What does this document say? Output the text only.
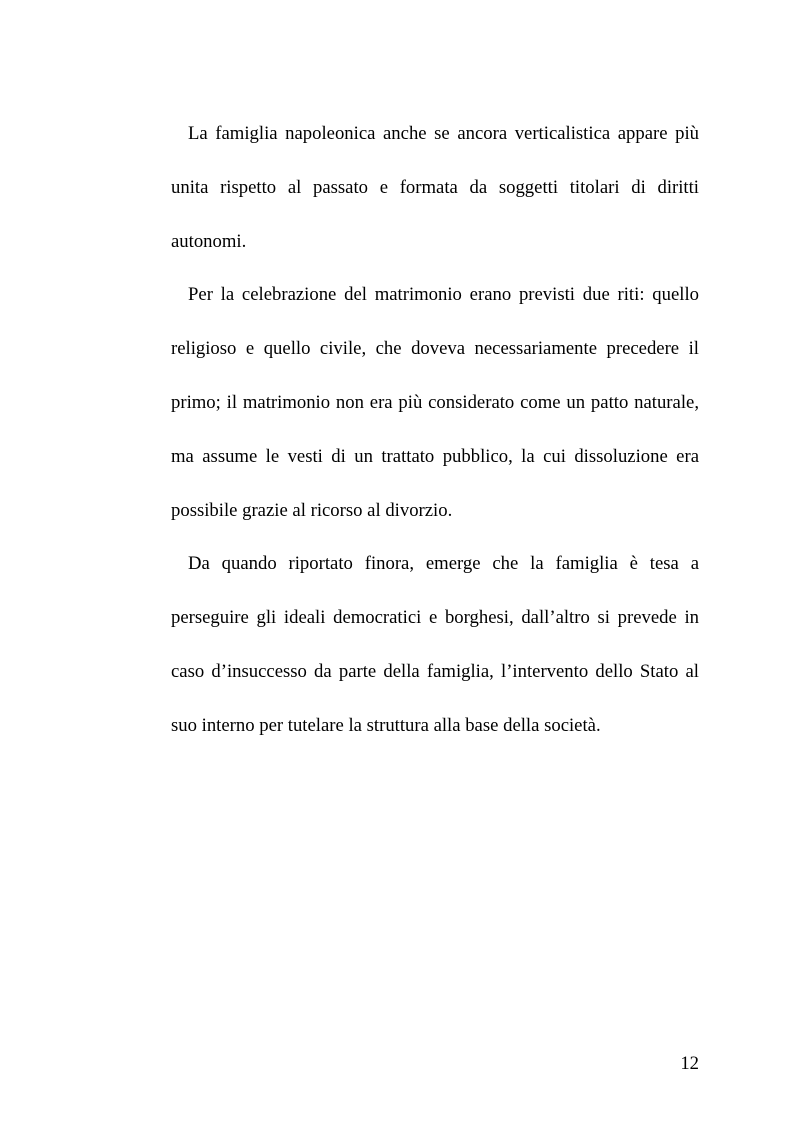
La famiglia napoleonica anche se ancora verticalistica appare più unita rispetto al passato e formata da soggetti titolari di diritti autonomi.

Per la celebrazione del matrimonio erano previsti due riti: quello religioso e quello civile, che doveva necessariamente precedere il primo; il matrimonio non era più considerato come un patto naturale, ma assume le vesti di un trattato pubblico, la cui dissoluzione era possibile grazie al ricorso al divorzio.

Da quando riportato finora, emerge che la famiglia è tesa a perseguire gli ideali democratici e borghesi, dall’altro si prevede in caso d’insuccesso da parte della famiglia, l’intervento dello Stato al suo interno per tutelare la struttura alla base della società.

12
